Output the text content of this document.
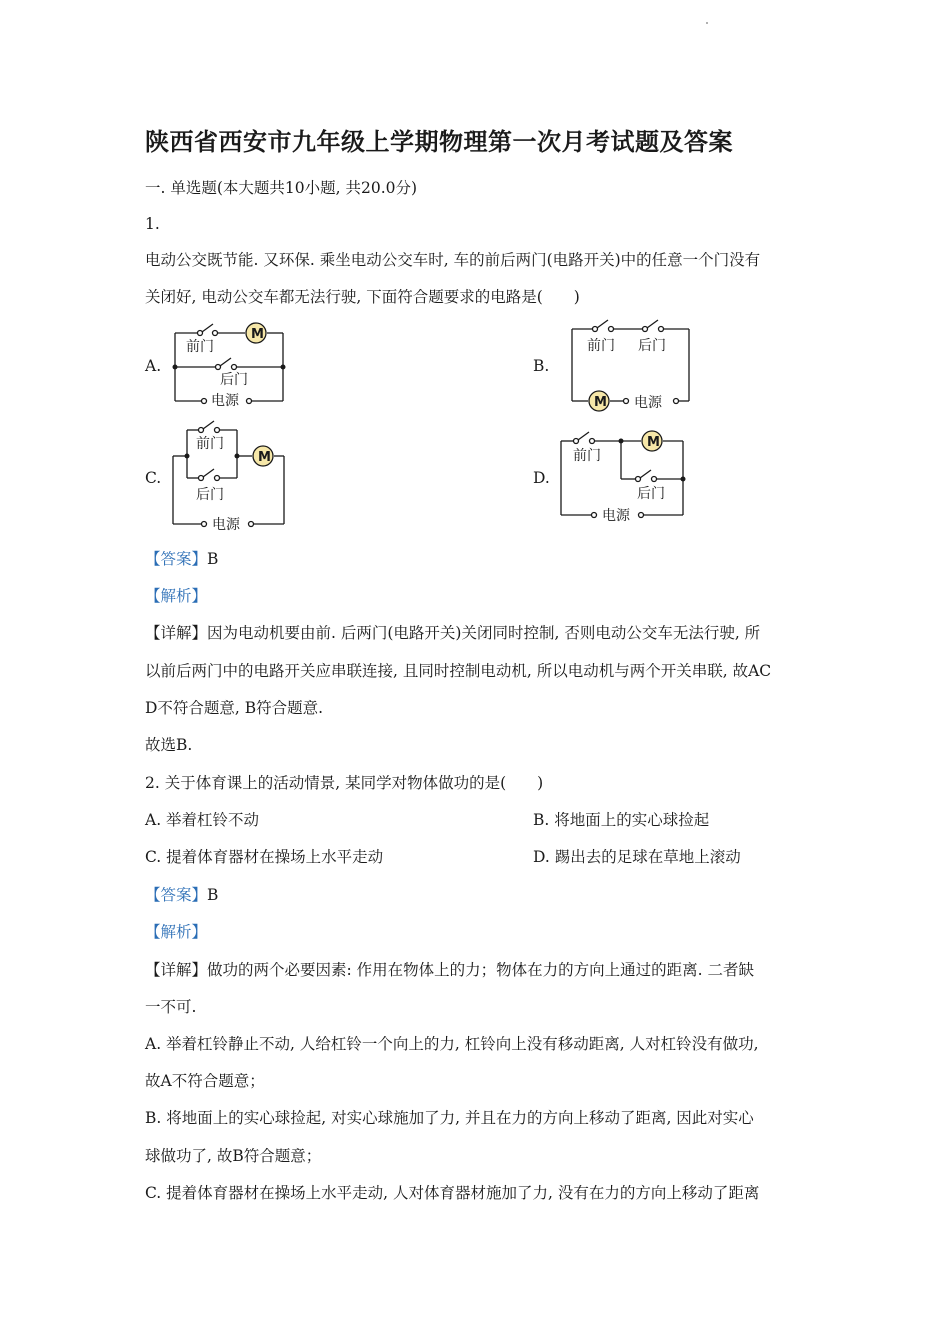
陕西省西安市九年级上学期物理第一次月考试题及答案
一. 单选题(本大题共10小题, 共20.0分)
1.
电动公交既节能. 又环保. 乘坐电动公交车时, 车的前后两门(电路开关)中的任意一个门没有
关闭好, 电动公交车都无法行驶, 下面符合题要求的电路是(　　)
A.	B.
C.	D.
M
前门
后门
电源	M
前门 后门
电源
M
前门
后门
电源
M
前门
后门
电源
【答案】B
【解析】
【详解】因为电动机要由前. 后两门(电路开关)关闭同时控制, 否则电动公交车无法行驶, 所
以前后两门中的电路开关应串联连接, 且同时控制电动机, 所以电动机与两个开关串联, 故AC
D不符合题意, B符合题意.
故选B.
2. 关于体育课上的活动情景, 某同学对物体做功的是(　　)
A. 举着杠铃不动	B. 将地面上的实心球捡起
C. 提着体育器材在操场上水平走动	D. 踢出去的足球在草地上滚动
【答案】B
【解析】
【详解】做功的两个必要因素: 作用在物体上的力；物体在力的方向上通过的距离. 二者缺
一不可.
A. 举着杠铃静止不动, 人给杠铃一个向上的力, 杠铃向上没有移动距离, 人对杠铃没有做功,
故A不符合题意；
B. 将地面上的实心球捡起, 对实心球施加了力, 并且在力的方向上移动了距离, 因此对实心
球做功了, 故B符合题意；
C. 提着体育器材在操场上水平走动, 人对体育器材施加了力, 没有在力的方向上移动了距离
